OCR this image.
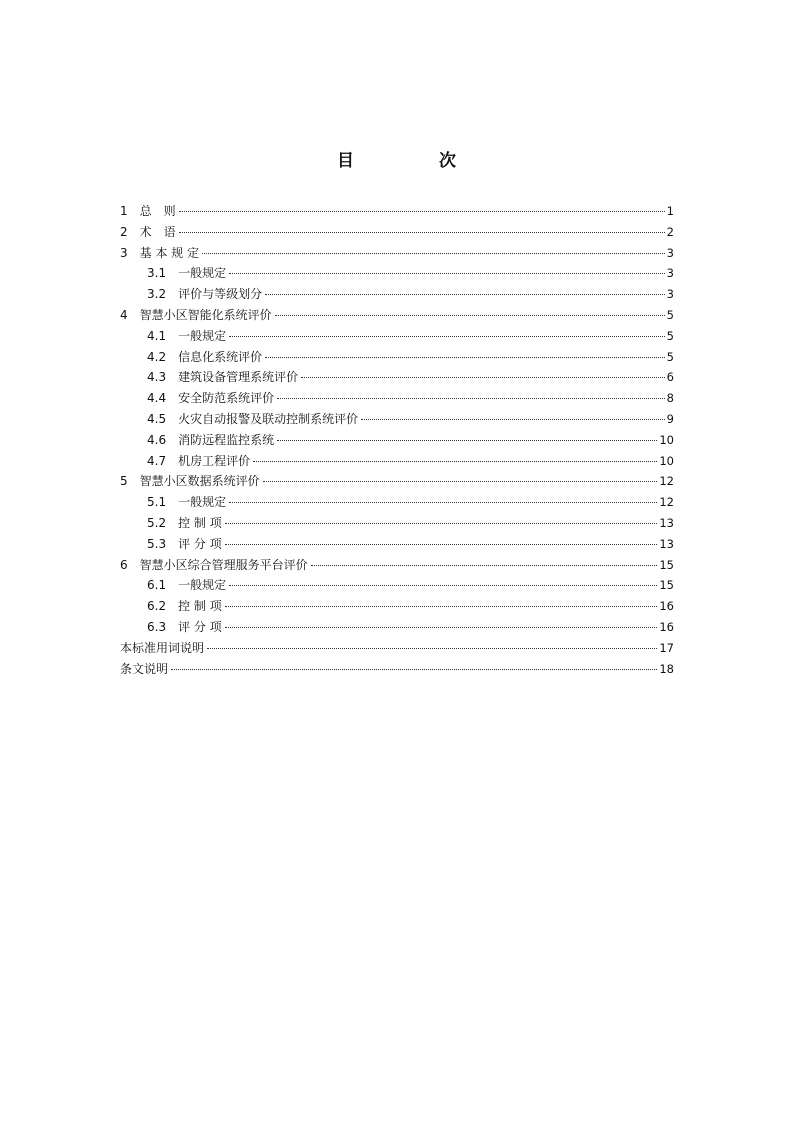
目　次
1　 总　则	1
2　 术　语	2
3　 基 本 规 定	3
3.1　 一般规定	3
3.2　 评价与等级划分	3
4　 智慧小区智能化系统评价	5
4.1　 一般规定	5
4.2　 信息化系统评价	5
4.3　 建筑设备管理系统评价	6
4.4　 安全防范系统评价	8
4.5　 火灾自动报警及联动控制系统评价	9
4.6　 消防远程监控系统	10
4.7　 机房工程评价	10
5　 智慧小区数据系统评价	12
5.1　 一般规定	12
5.2　 控 制 项	13
5.3　 评 分 项	13
6　 智慧小区综合管理服务平台评价	15
6.1　 一般规定	15
6.2　 控 制 项	16
6.3　 评 分 项	16
本标准用词说明	17
条文说明	18
